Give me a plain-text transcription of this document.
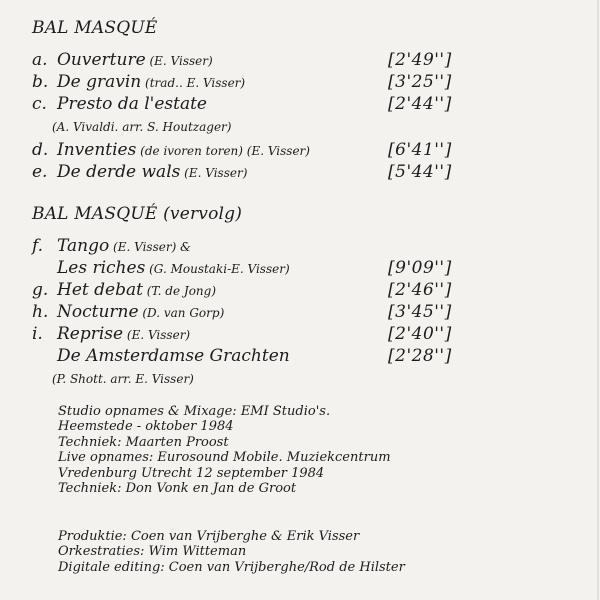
BAL MASQUÉ
a. Ouverture (E. Visser)	[2'49'']
b. De gravin (trad.. E. Visser)	[3'25'']
c. Presto da l'estate	[2'44'']
(A. Vivaldi. arr. S. Houtzager)
d. Inventies (de ivoren toren) (E. Visser)	[6'41'']
e. De derde wals (E. Visser)	[5'44'']
BAL MASQUÉ (vervolg)
f. Tango (E. Visser) &
Les riches (G. Moustaki-E. Visser)	[9'09'']
g. Het debat (T. de Jong)	[2'46'']
h. Nocturne (D. van Gorp)	[3'45'']
i. Reprise (E. Visser)	[2'40'']
De Amsterdamse Grachten	[2'28'']
(P. Shott. arr. E. Visser)
Studio opnames & Mixage: EMI Studio's.
Heemstede - oktober 1984
Techniek: Maarten Proost
Live opnames: Eurosound Mobile. Muziekcentrum
Vredenburg Utrecht 12 september 1984
Techniek: Don Vonk en Jan de Groot
Produktie: Coen van Vrijberghe & Erik Visser
Orkestraties: Wim Witteman
Digitale editing: Coen van Vrijberghe/Rod de Hilster
